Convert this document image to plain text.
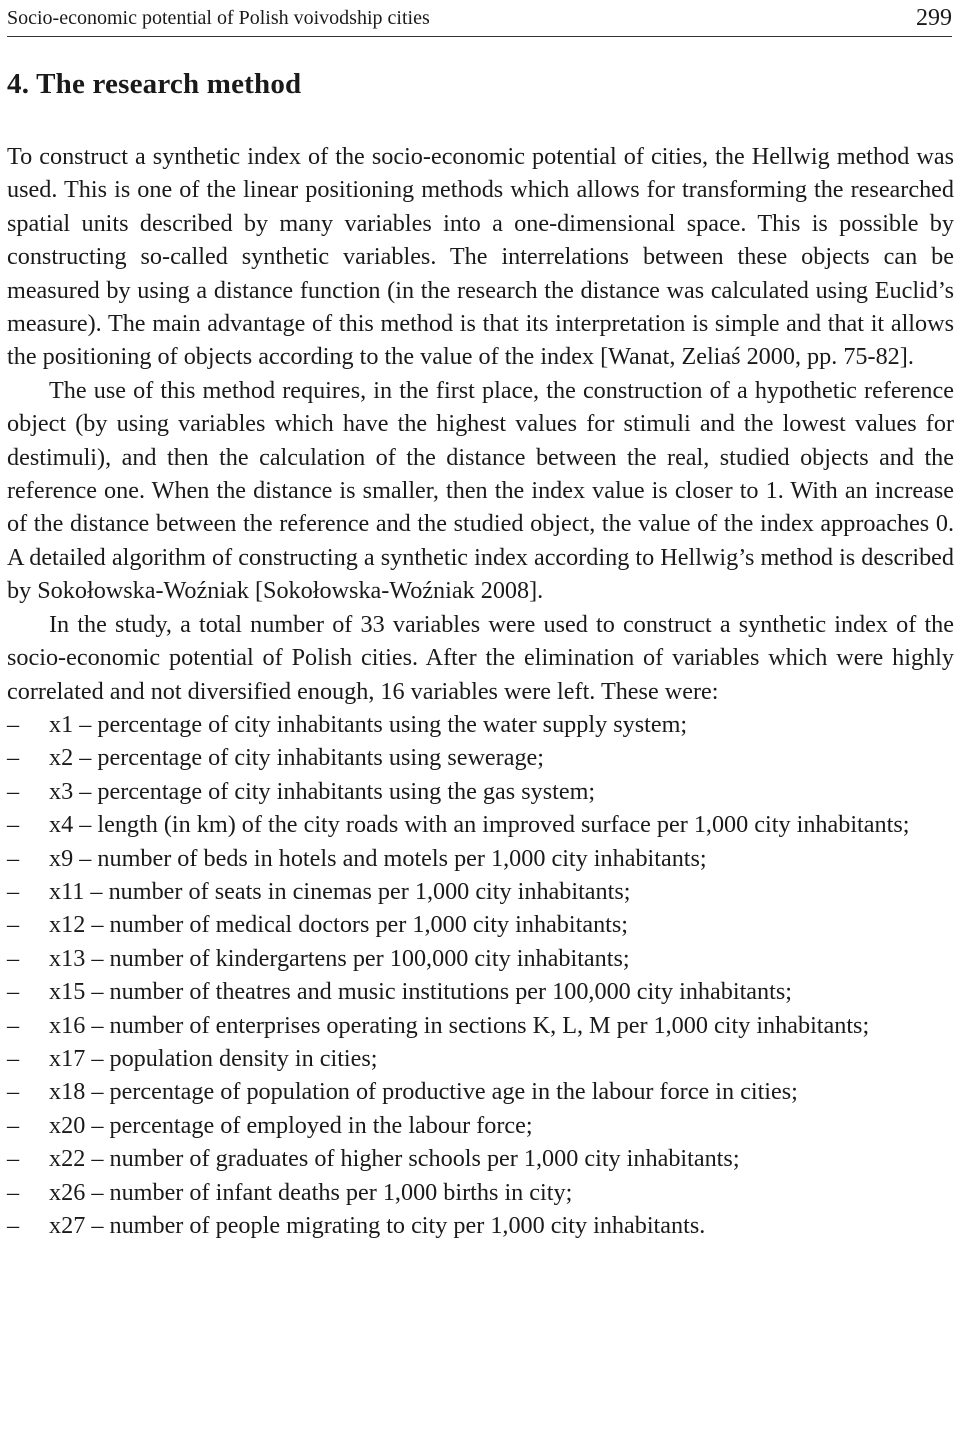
Socio-economic potential of Polish voivodship cities	299
4. The research method

To construct a synthetic index of the socio-economic potential of cities, the Hellwig method was used. This is one of the linear positioning methods which allows for transforming the researched spatial units described by many variables into a one-dimensional space. This is possible by constructing so-called synthetic variables. The interrelations between these objects can be measured by using a distance function (in the research the distance was calculated using Euclid’s measure). The main advantage of this method is that its interpretation is simple and that it allows the positioning of objects according to the value of the index [Wanat, Zeliaś 2000, pp. 75-82].

The use of this method requires, in the first place, the construction of a hypothetic reference object (by using variables which have the highest values for stimuli and the lowest values for destimuli), and then the calculation of the distance between the real, studied objects and the reference one. When the distance is smaller, then the index value is closer to 1. With an increase of the distance between the reference and the studied object, the value of the index approaches 0. A detailed algorithm of constructing a synthetic index according to Hellwig’s method is described by Sokołowska-Woźniak [Sokołowska-Woźniak 2008].

In the study, a total number of 33 variables were used to construct a synthetic index of the socio-economic potential of Polish cities. After the elimination of variables which were highly correlated and not diversified enough, 16 variables were left. These were:

– x1 – percentage of city inhabitants using the water supply system;
– x2 – percentage of city inhabitants using sewerage;
– x3 – percentage of city inhabitants using the gas system;
– x4 – length (in km) of the city roads with an improved surface per 1,000 city inhabitants;
– x9 – number of beds in hotels and motels per 1,000 city inhabitants;
– x11 – number of seats in cinemas per 1,000 city inhabitants;
– x12 – number of medical doctors per 1,000 city inhabitants;
– x13 – number of kindergartens per 100,000 city inhabitants;
– x15 – number of theatres and music institutions per 100,000 city inhabitants;
– x16 – number of enterprises operating in sections K, L, M per 1,000 city inhabitants;
– x17 – population density in cities;
– x18 – percentage of population of productive age in the labour force in cities;
– x20 – percentage of employed in the labour force;
– x22 – number of graduates of higher schools per 1,000 city inhabitants;
– x26 – number of infant deaths per 1,000 births in city;
– x27 – number of people migrating to city per 1,000 city inhabitants.
